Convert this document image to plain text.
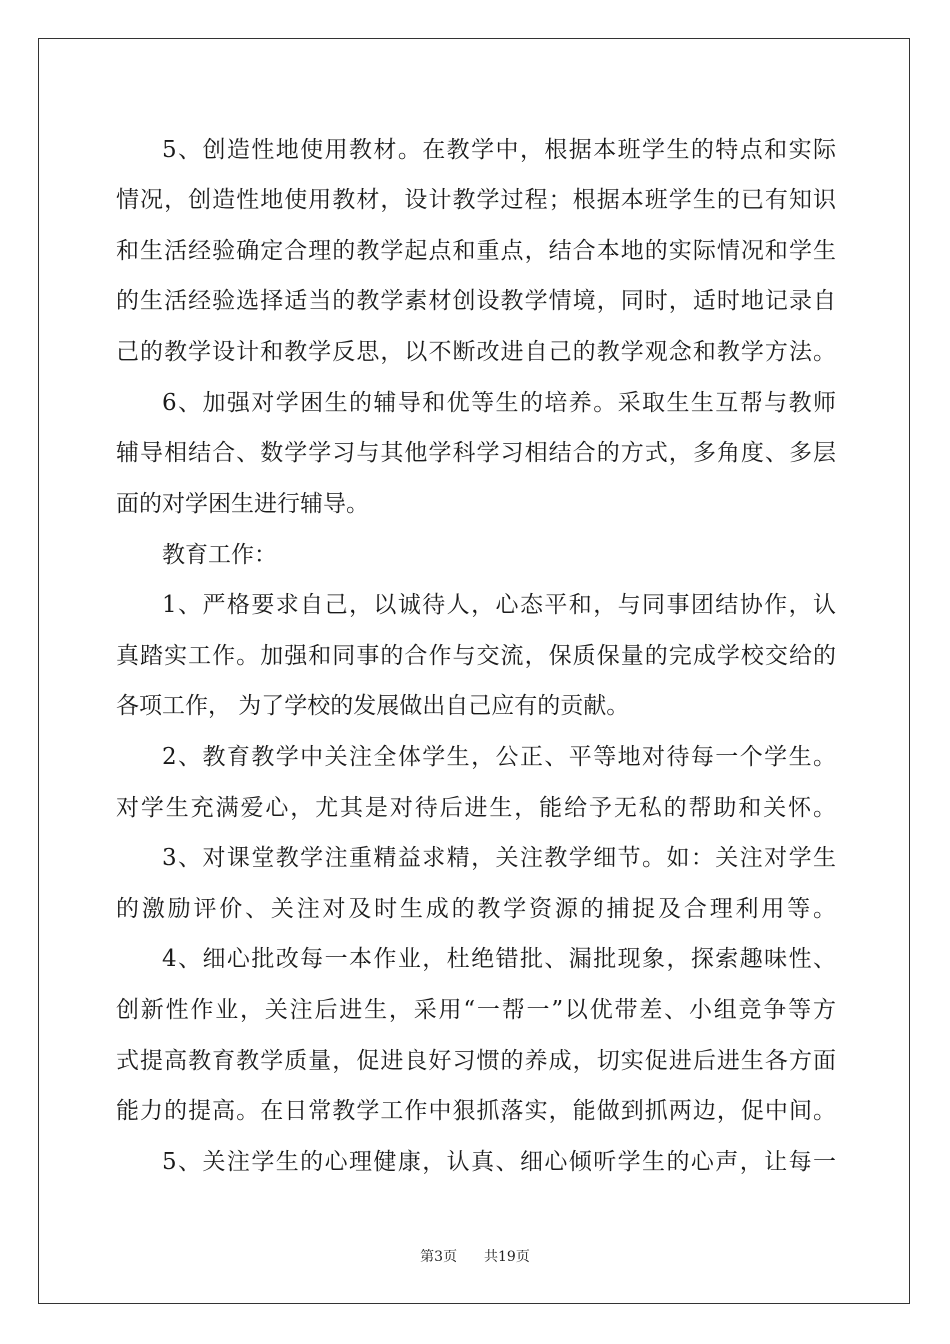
5、创造性地使用教材。在教学中，根据本班学生的特点和实际
情况，创造性地使用教材，设计教学过程；根据本班学生的已有知识
和生活经验确定合理的教学起点和重点，结合本地的实际情况和学生
的生活经验选择适当的教学素材创设教学情境，同时，适时地记录自
己的教学设计和教学反思，以不断改进自己的教学观念和教学方法。
6、加强对学困生的辅导和优等生的培养。采取生生互帮与教师
辅导相结合、数学学习与其他学科学习相结合的方式，多角度、多层
面的对学困生进行辅导。
教育工作：
1、严格要求自己，以诚待人，心态平和，与同事团结协作，认
真踏实工作。加强和同事的合作与交流，保质保量的完成学校交给的
各项工作， 为了学校的发展做出自己应有的贡献。
2、教育教学中关注全体学生，公正、平等地对待每一个学生。
对学生充满爱心，尤其是对待后进生，能给予无私的帮助和关怀。
3、对课堂教学注重精益求精，关注教学细节。如：关注对学生
的激励评价、关注对及时生成的教学资源的捕捉及合理利用等。
4、细心批改每一本作业，杜绝错批、漏批现象，探索趣味性、
创新性作业，关注后进生，采用“一帮一”以优带差、小组竞争等方
式提高教育教学质量，促进良好习惯的养成，切实促进后进生各方面
能力的提高。在日常教学工作中狠抓落实，能做到抓两边，促中间。
5、关注学生的心理健康，认真、细心倾听学生的心声，让每一
第3页 共19页
